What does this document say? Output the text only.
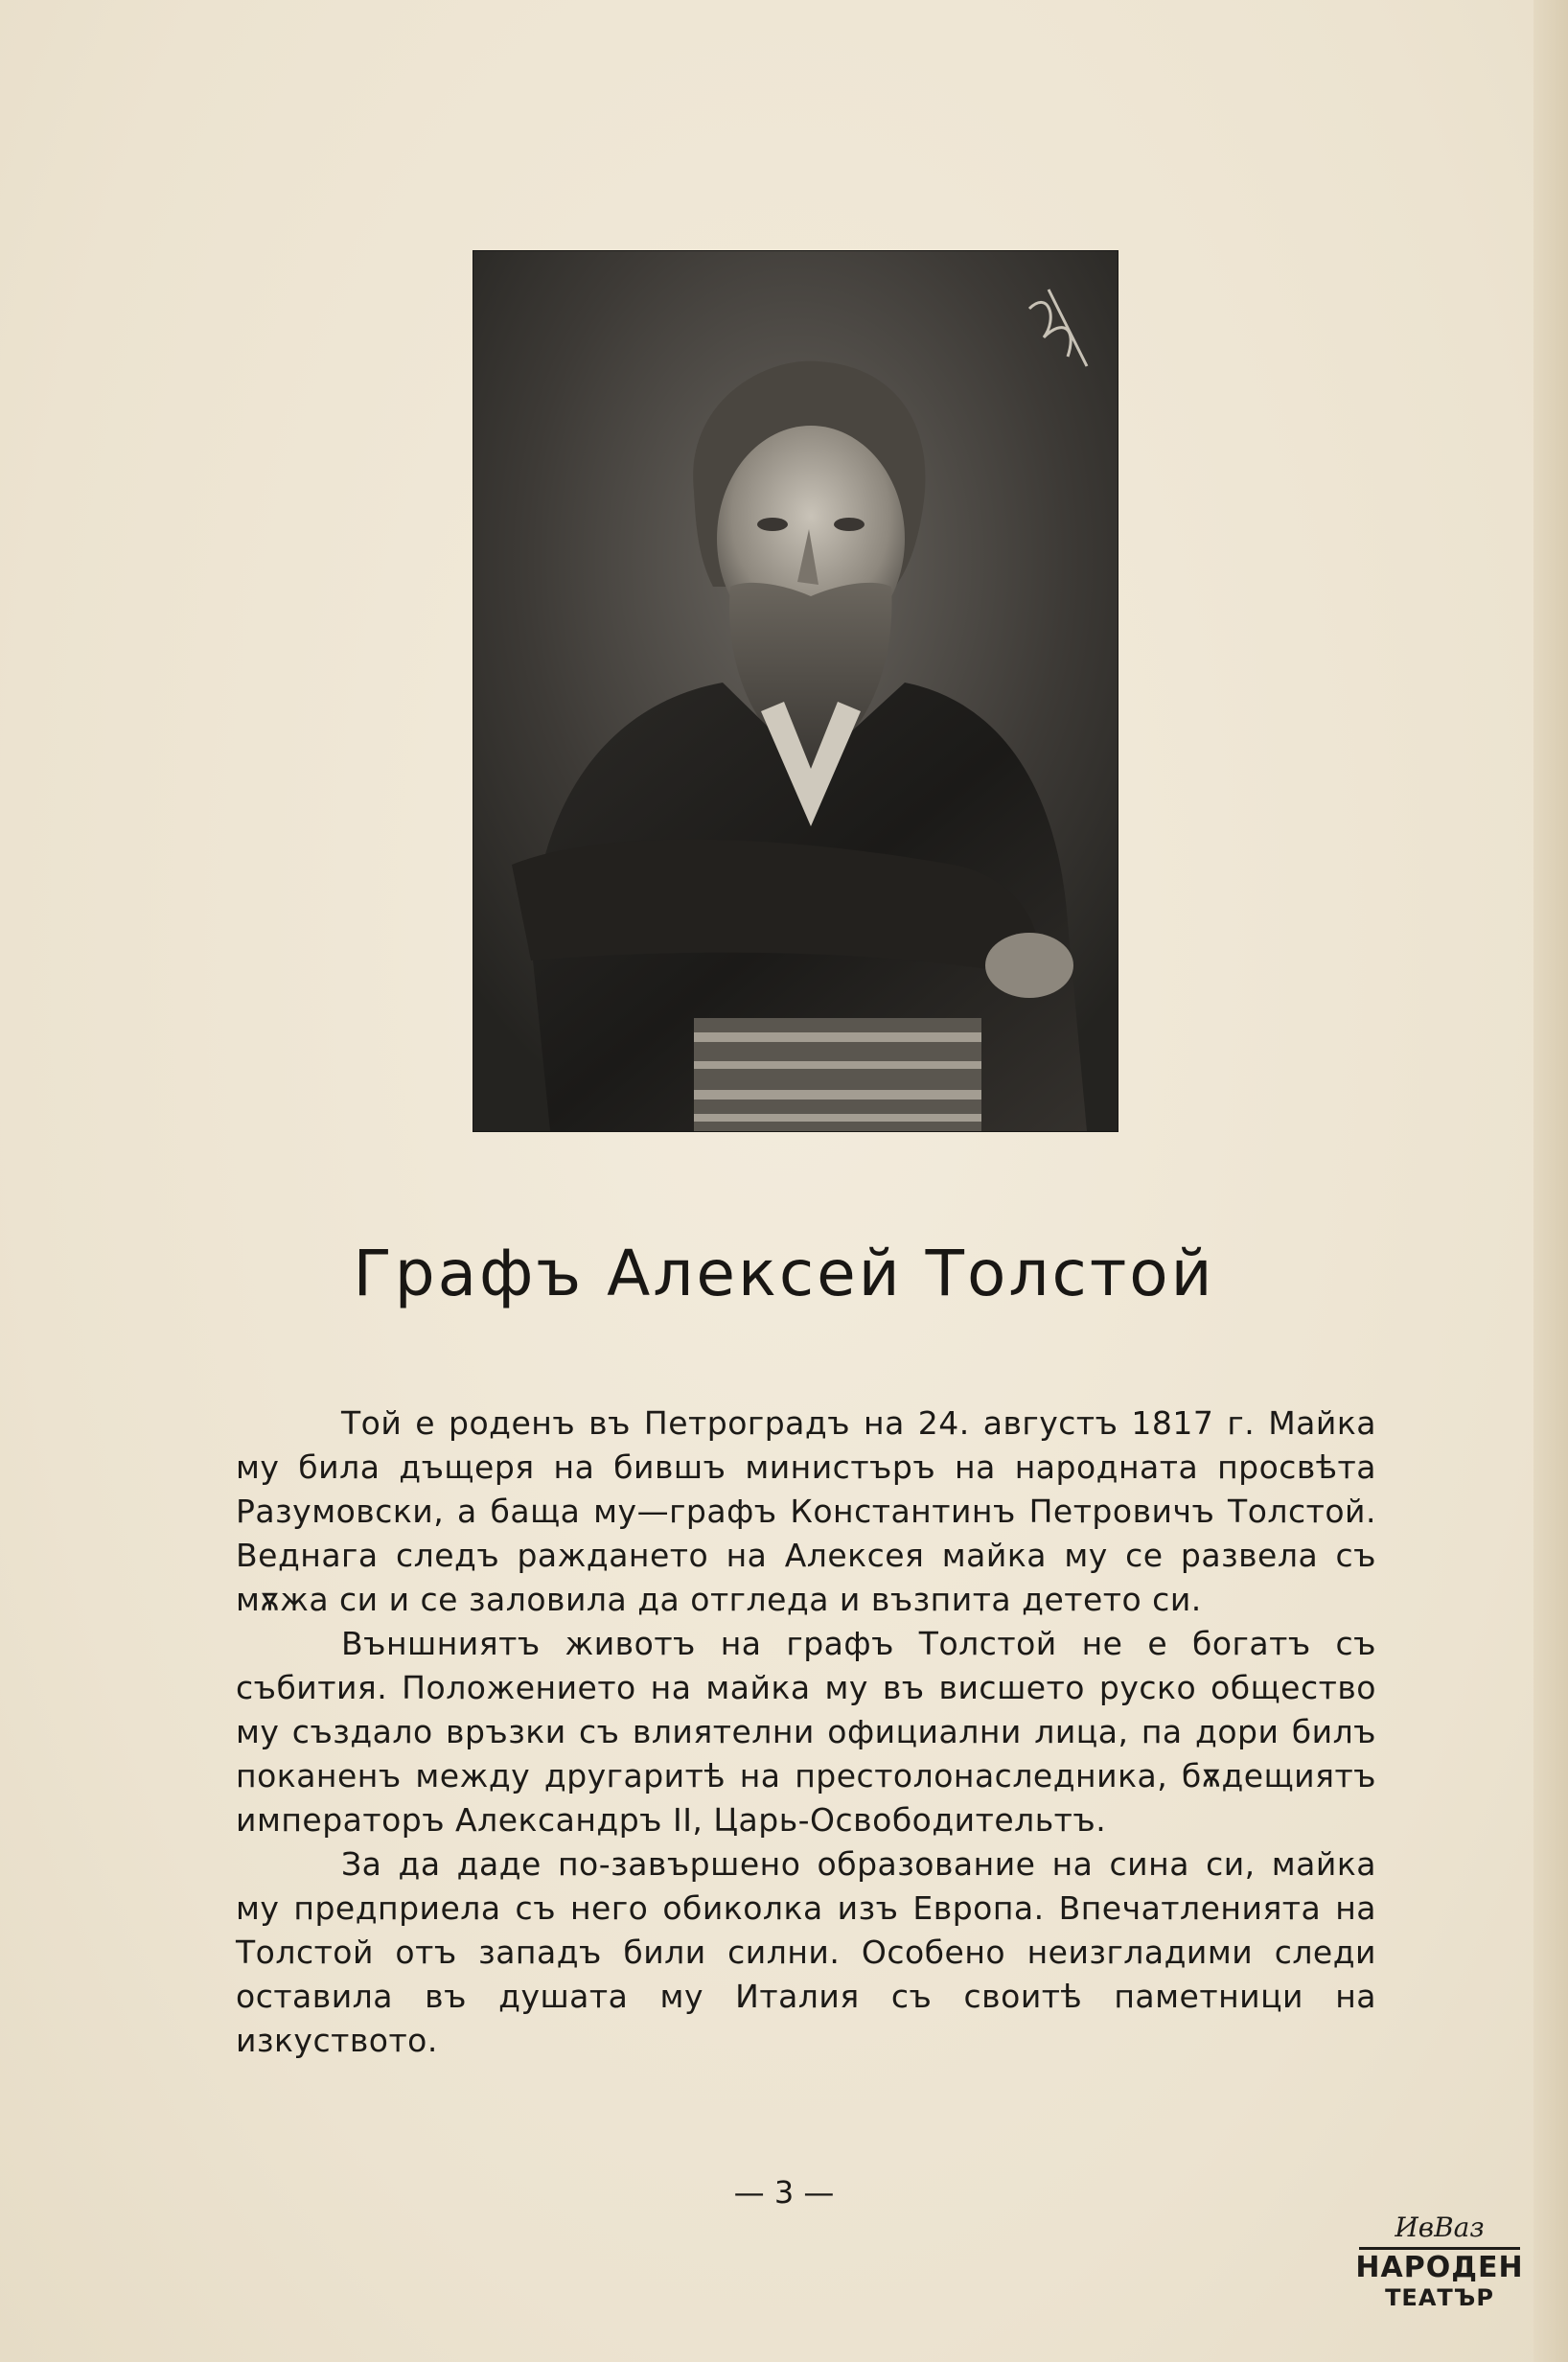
Графъ Алексей Толстой

Той е роденъ въ Петроградъ на 24. августъ 1817 г. Майка му била дъщеря на бившъ министъръ на народната просвѣта Разумовски, а баща му—графъ Константинъ Петровичъ Толстой. Веднага следъ раждането на Алексея майка му се развела съ мѫжа си и се заловила да отгледа и възпита детето си.

Външниятъ животъ на графъ Толстой не е богатъ съ събития. Положението на майка му въ висшето руско общество му създало връзки съ влиятелни официални лица, па дори билъ поканенъ между другаритѣ на престолонаследника, бѫдещиятъ императоръ Александръ II, Царь-Освободительтъ.

За да даде по-завършено образование на сина си, майка му предприела съ него обиколка изъ Европа. Впечатленията на Толстой отъ западъ били силни. Особено неизгладими следи оставила въ душата му Италия съ своитѣ паметници на изкуството.

— 3 —
ИвВаз
НАРОДЕН
ТЕАТЪР
